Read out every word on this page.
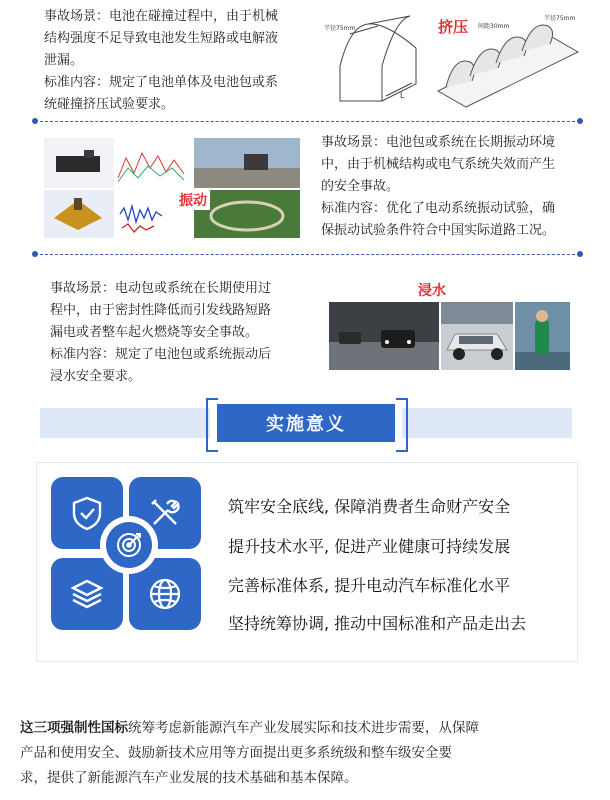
事故场景：电池在碰撞过程中，由于机械

结构强度不足导致电池发生短路或电解液

泄漏。

标准内容：规定了电池单体及电池包或系

统碰撞挤压试验要求。

半径75mm
L
挤压 间距30mm
半径75mm
振动

事故场景：电池包或系统在长期振动环境

中，由于机械结构或电气系统失效而产生

的安全事故。

标准内容：优化了电动系统振动试验，确

保振动试验条件符合中国实际道路工况。

事故场景：电动包或系统在长期使用过

程中，由于密封性降低而引发线路短路

漏电或者整车起火燃烧等安全事故。

标准内容：规定了电池包或系统振动后

浸水安全要求。

浸水
实施意义
筑牢安全底线, 保障消费者生命财产安全
提升技术水平, 促进产业健康可持续发展
完善标准体系, 提升电动汽车标准化水平
坚持统筹协调, 推动中国标准和产品走出去
这三项强制性国标统筹考虑新能源汽车产业发展实际和技术进步需要，从保障
产品和使用安全、鼓励新技术应用等方面提出更多系统级和整车级安全要
求，提供了新能源汽车产业发展的技术基础和基本保障。
